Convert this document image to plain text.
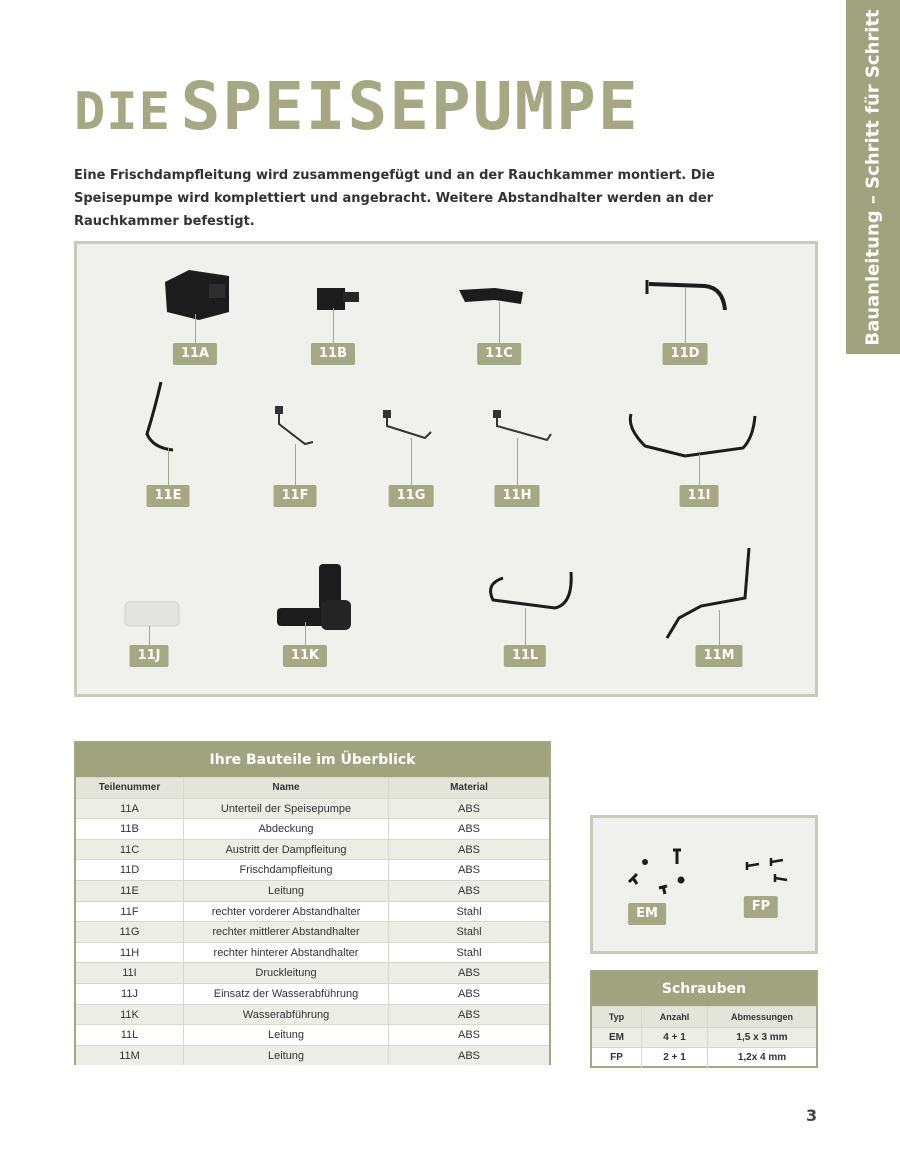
Bauanleitung – Schritt für Schritt
DIE SPEISEPUMPE

Eine Frischdampfleitung wird zusammengefügt und an der Rauchkammer montiert. Die Speisepumpe wird komplettiert und angebracht. Weitere Abstandhalter werden an der Rauchkammer befestigt.

11A	11B	11C	11D
11E	11F	11G	11H	11I
11J	11K	11L	11M
Ihre Bauteile im Überblick
Teilenummer	Name	Material
11A	Unterteil der Speisepumpe	ABS
11B	Abdeckung	ABS
11C	Austritt der Dampfleitung	ABS
11D	Frischdampfleitung	ABS
11E	Leitung	ABS
11F	rechter vorderer Abstandhalter	Stahl
11G	rechter mittlerer Abstandhalter	Stahl
11H	rechter hinterer Abstandhalter	Stahl
11I	Druckleitung	ABS
11J	Einsatz der Wasserabführung	ABS
11K	Wasserabführung	ABS
11L	Leitung	ABS
11M	Leitung	ABS
EM	FP
Schrauben
Typ	Anzahl	Abmessungen
EM	4 + 1	1,5 x 3 mm
FP	2 + 1	1,2x 4 mm
3
